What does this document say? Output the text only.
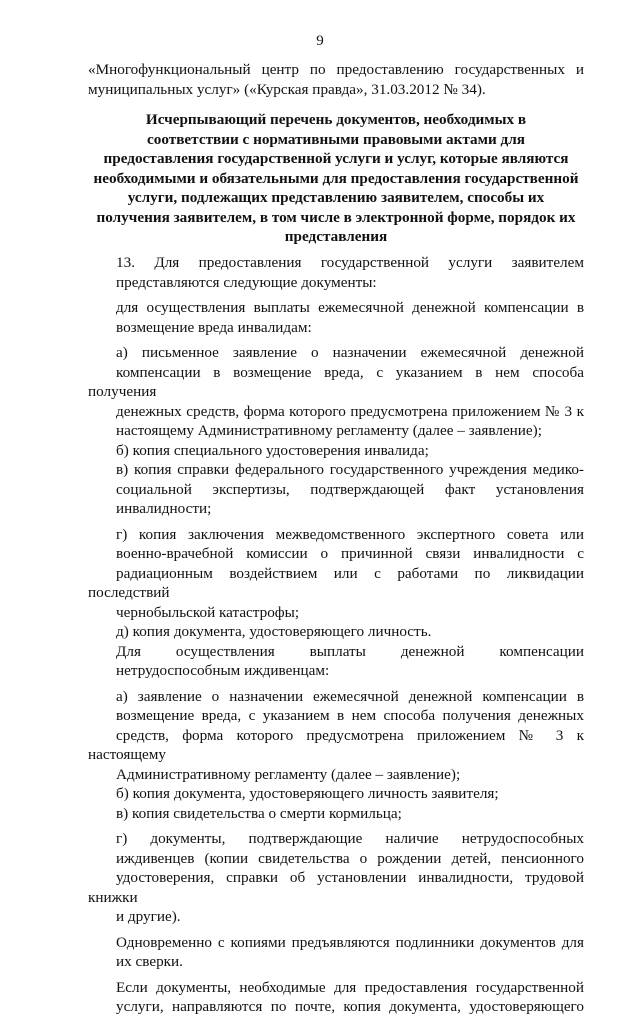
9
«Многофункциональный центр по предоставлению государственных и
муниципальных услуг» («Курская правда», 31.03.2012 № 34).
Исчерпывающий перечень документов, необходимых в
соответствии с нормативными правовыми актами для
предоставления государственной услуги и услуг, которые являются
необходимыми и обязательными для предоставления государственной
услуги, подлежащих представлению заявителем, способы их
получения заявителем, в том числе в электронной форме, порядок их
представления

13. Для предоставления государственной услуги заявителем
представляются следующие документы:

для осуществления выплаты ежемесячной денежной компенсации в
возмещение вреда инвалидам:

а) письменное заявление о назначении ежемесячной денежной
компенсации в возмещение вреда, с указанием в нем способа получения
денежных средств, форма которого предусмотрена приложением № 3 к
настоящему Административному регламенту (далее – заявление);

б) копия специального удостоверения инвалида;

в) копия справки федерального государственного учреждения медико-
социальной экспертизы, подтверждающей факт установления
инвалидности;

г) копия заключения межведомственного экспертного совета или
военно-врачебной комиссии о причинной связи инвалидности с
радиационным воздействием или с работами по ликвидации последствий
чернобыльской катастрофы;

д) копия документа, удостоверяющего личность.

Для осуществления выплаты денежной компенсации
нетрудоспособным иждивенцам:

а) заявление о назначении ежемесячной денежной компенсации в
возмещение вреда, с указанием в нем способа получения денежных
средств, форма которого предусмотрена приложением № 3 к настоящему
Административному регламенту (далее – заявление);

б) копия документа, удостоверяющего личность заявителя;

в) копия свидетельства о смерти кормильца;

г) документы, подтверждающие наличие нетрудоспособных
иждивенцев (копии свидетельства о рождении детей, пенсионного
удостоверения, справки об установлении инвалидности, трудовой книжки
и другие).

Одновременно с копиями предъявляются подлинники документов для
их сверки.

Если документы, необходимые для предоставления государственной
услуги, направляются по почте, копия документа, удостоверяющего
